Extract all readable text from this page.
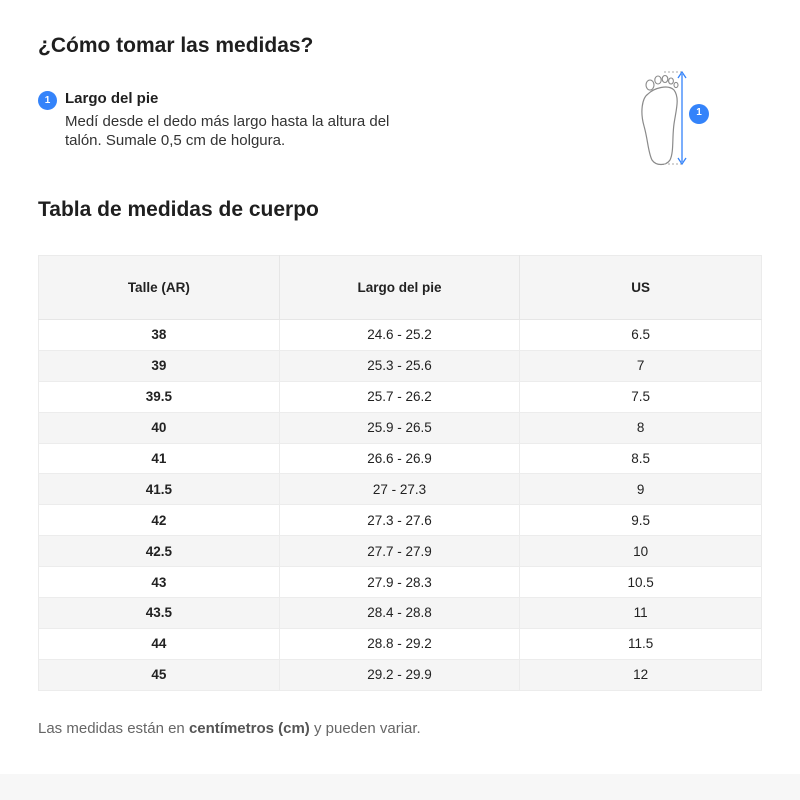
¿Cómo tomar las medidas?
1 Largo del pie

Medí desde el dedo más largo hasta la altura del talón. Sumale 0,5 cm de holgura.

1
Tabla de medidas de cuerpo
Talle (AR)	Largo del pie	US
38	24.6 - 25.2	6.5
39	25.3 - 25.6	7
39.5	25.7 - 26.2	7.5
40	25.9 - 26.5	8
41	26.6 - 26.9	8.5
41.5	27 - 27.3	9
42	27.3 - 27.6	9.5
42.5	27.7 - 27.9	10
43	27.9 - 28.3	10.5
43.5	28.4 - 28.8	11
44	28.8 - 29.2	11.5
45	29.2 - 29.9	12

Las medidas están en centímetros (cm) y pueden variar.
